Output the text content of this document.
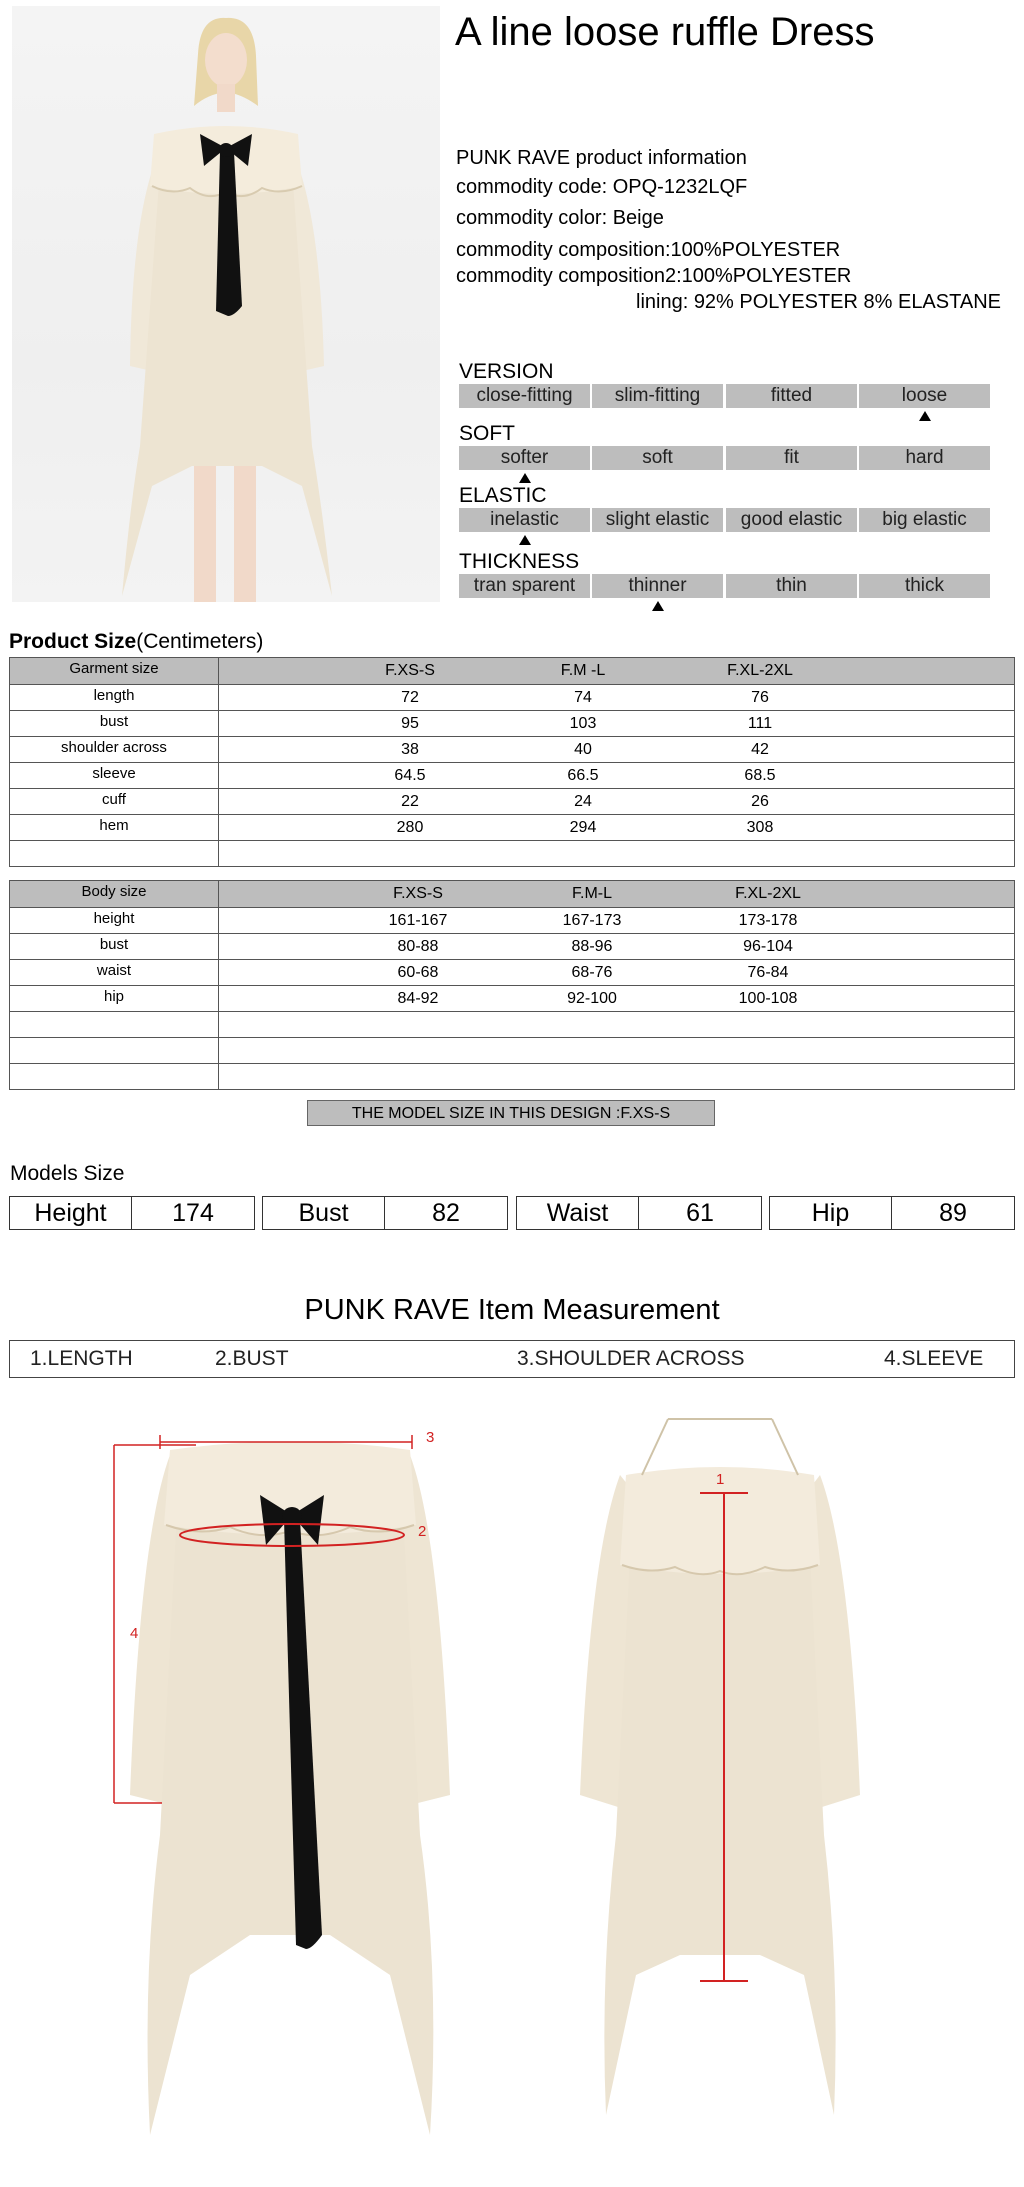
A line loose ruffle Dress
PUNK RAVE product information
commodity code: OPQ-1232LQF
commodity color: Beige
commodity composition:100%POLYESTER
commodity composition2:100%POLYESTER
lining: 92% POLYESTER 8% ELASTANE
VERSION
close-fitting	slim-fitting	fitted	loose
SOFT
softer	soft	fit	hard
ELASTIC
inelastic	slight elastic	good elastic	big elastic
THICKNESS
tran sparent	thinner	thin	thick
Product Size(Centimeters)
Garment size	F.XS-S	F.M -L	F.XL-2XL
length	72	74	76
bust	95	103	111
shoulder across	38	40	42
sleeve	64.5	66.5	68.5
cuff	22	24	26
hem	280	294	308
Body size	F.XS-S	F.M-L	F.XL-2XL
height	161-167	167-173	173-178
bust	80-88	88-96	96-104
waist	60-68	68-76	76-84
hip	84-92	92-100	100-108
THE MODEL SIZE IN THIS DESIGN :F.XS-S
Models Size
Height	174	Bust	82	Waist	61	Hip	89
PUNK RAVE Item Measurement
1.LENGTH	2.BUST	3.SHOULDER ACROSS	4.SLEEVE
3
2
4
1
